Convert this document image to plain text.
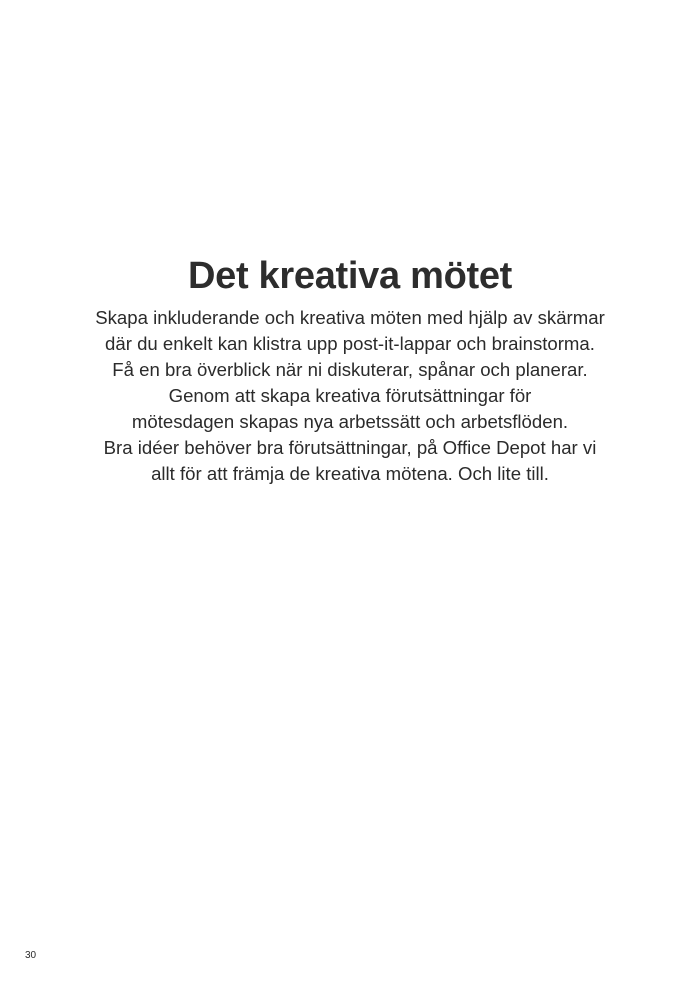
Det kreativa mötet
Skapa inkluderande och kreativa möten med hjälp av skärmar
där du enkelt kan klistra upp post-it-lappar och brainstorma.
Få en bra överblick när ni diskuterar, spånar och planerar.
Genom att skapa kreativa förutsättningar för
mötesdagen skapas nya arbetssätt och arbetsflöden.
Bra idéer behöver bra förutsättningar, på Office Depot har vi
allt för att främja de kreativa mötena. Och lite till.
30
